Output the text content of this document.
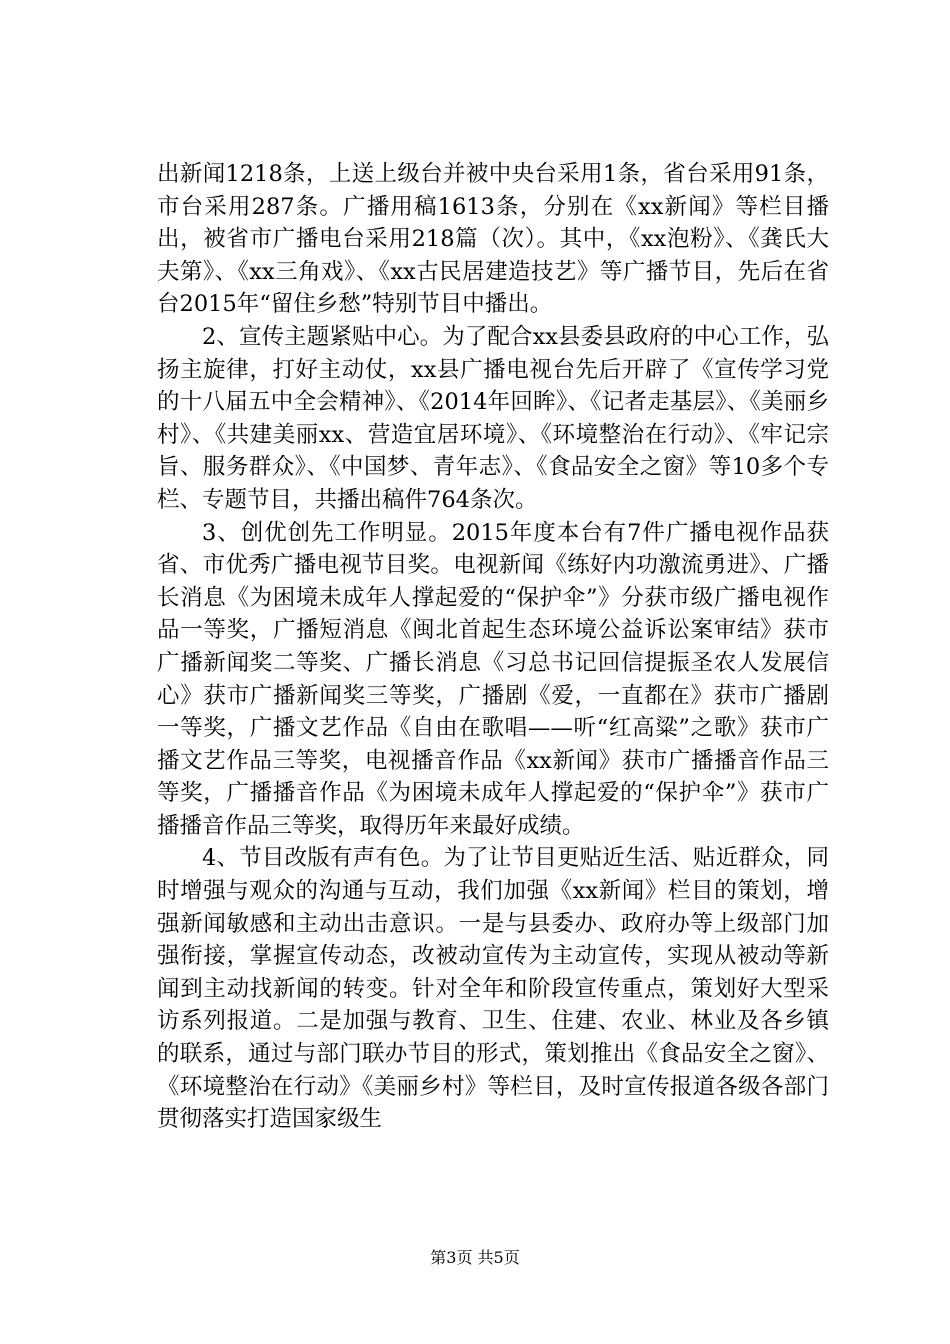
出新闻1218条，上送上级台并被中央台采用1条，省台采用91条，市台采用287条。广播用稿1613条，分别在《xx新闻》等栏目播出，被省市广播电台采用218篇（次）。其中，《xx泡粉》、《龚氏大夫第》、《xx三角戏》、《xx古民居建造技艺》等广播节目，先后在省台2015年“留住乡愁”特别节目中播出。

2、宣传主题紧贴中心。为了配合xx县委县政府的中心工作，弘扬主旋律，打好主动仗，xx县广播电视台先后开辟了《宣传学习党的十八届五中全会精神》、《2014年回眸》、《记者走基层》、《美丽乡村》、《共建美丽xx、营造宜居环境》、《环境整治在行动》、《牢记宗旨、服务群众》、《中国梦、青年志》、《食品安全之窗》等10多个专栏、专题节目，共播出稿件764条次。

3、创优创先工作明显。2015年度本台有7件广播电视作品获省、市优秀广播电视节目奖。电视新闻《练好内功激流勇进》、广播长消息《为困境未成年人撑起爱的“保护伞”》分获市级广播电视作品一等奖，广播短消息《闽北首起生态环境公益诉讼案审结》获市广播新闻奖二等奖、广播长消息《习总书记回信提振圣农人发展信心》获市广播新闻奖三等奖，广播剧《爱，一直都在》获市广播剧一等奖，广播文艺作品《自由在歌唱——听“红高粱”之歌》获市广播文艺作品三等奖，电视播音作品《xx新闻》获市广播播音作品三等奖，广播播音作品《为困境未成年人撑起爱的“保护伞”》获市广播播音作品三等奖，取得历年来最好成绩。

4、节目改版有声有色。为了让节目更贴近生活、贴近群众，同时增强与观众的沟通与互动，我们加强《xx新闻》栏目的策划，增强新闻敏感和主动出击意识。一是与县委办、政府办等上级部门加强衔接，掌握宣传动态，改被动宣传为主动宣传，实现从被动等新闻到主动找新闻的转变。针对全年和阶段宣传重点，策划好大型采访系列报道。二是加强与教育、卫生、住建、农业、林业及各乡镇的联系，通过与部门联办节目的形式，策划推出《食品安全之窗》、《环境整治在行动》《美丽乡村》等栏目，及时宣传报道各级各部门贯彻落实打造国家级生

第3页 共5页
